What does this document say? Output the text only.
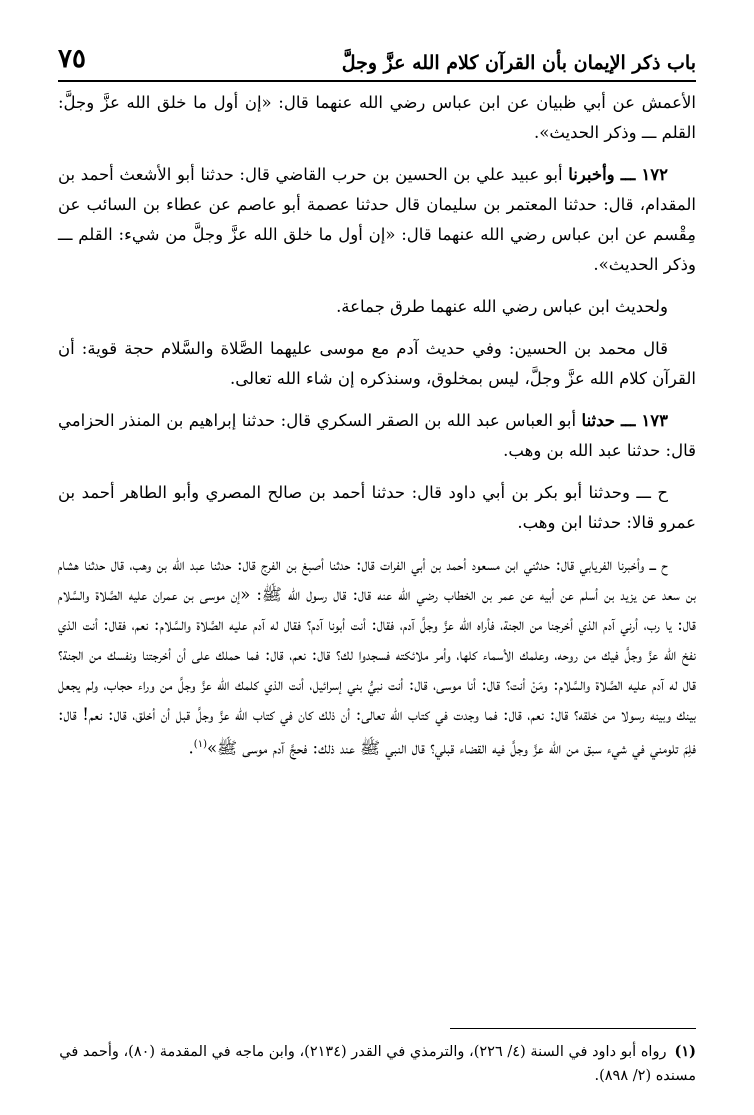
٧٥	باب ذكر الإيمان بأن القرآن كلام الله عزَّ وجلَّ

الأعمش عن أبي ظبيان عن ابن عباس رضي الله عنهما قال: «إن أول ما خلق الله عزَّ وجلَّ: القلم ـــ وذكر الحديث».

١٧٢ ـــ وأخبرنا أبو عبيد علي بن الحسين بن حرب القاضي قال: حدثنا أبو الأشعث أحمد بن المقدام، قال: حدثنا المعتمر بن سليمان قال حدثنا عصمة أبو عاصم عن عطاء بن السائب عن مِقْسم عن ابن عباس رضي الله عنهما قال: «إن أول ما خلق الله عزَّ وجلَّ من شيء: القلم ـــ وذكر الحديث».

ولحديث ابن عباس رضي الله عنهما طرق جماعة.

قال محمد بن الحسين: وفي حديث آدم مع موسى عليهما الصَّلاة والسَّلام حجة قوية: أن القرآن كلام الله عزَّ وجلَّ، ليس بمخلوق، وسنذكره إن شاء الله تعالى.

١٧٣ ـــ حدثنا أبو العباس عبد الله بن الصقر السكري قال: حدثنا إبراهيم بن المنذر الحزامي قال: حدثنا عبد الله بن وهب.

ح ـــ وحدثنا أبو بكر بن أبي داود قال: حدثنا أحمد بن صالح المصري وأبو الطاهر أحمد بن عمرو قالا: حدثنا ابن وهب.

ح ـــ وأخبرنا الفريابي قال: حدثني ابن مسعود أحمد بن أبي الفرات قال: حدثنا أصبغ بن الفرج قال: حدثنا عبد الله بن وهب، قال حدثنا هشام بن سعد عن يزيد بن أسلم عن أبيه عن عمر بن الخطاب رضي الله عنه قال: قال رسول الله ﷺ: «إن موسى بن عمران عليه الصَّلاة والسَّلام قال: يا رب، أرني آدم الذي أخرجنا من الجنة، فأراه الله عزَّ وجلَّ آدم، فقال: أنت أبونا آدم؟ فقال له آدم عليه الصَّلاة والسَّلام: نعم، فقال: أنت الذي نفخ الله عزَّ وجلَّ فيك من روحه، وعلمك الأسماء كلها، وأمر ملائكته فسجدوا لك؟ قال: نعم، قال: فما حملك على أن أخرجتنا ونفسك من الجنة؟ قال له آدم عليه الصَّلاة والسَّلام: ومَنْ أنت؟ قال: أنا موسى، قال: أنت نبيُّ بني إسرائيل، أنت الذي كلمك الله عزَّ وجلَّ من وراء حجاب، ولم يجعل بينك وبينه رسولا من خلقه؟ قال: نعم، قال: فما وجدت في كتاب الله تعالى: أن ذلك كان في كتاب الله عزَّ وجلَّ قبل أن أخلق، قال: نعم! قال: فلِمَ تلومني في شيء سبق من الله عزَّ وجلَّ فيه القضاء قبلي؟ قال النبي ﷺ عند ذلك: فحجَّ آدم موسى ﷺ»$^{(١)}$.

(١)رواه أبو داود في السنة (٤/ ٢٢٦)، والترمذي في القدر (٢١٣٤)، وابن ماجه في المقدمة (٨٠)، وأحمد في مسنده (٢/ ٨٩٨).
